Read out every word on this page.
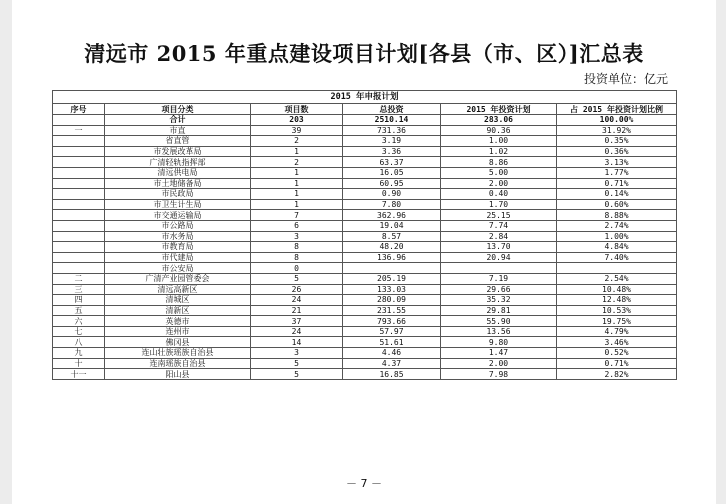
清远市 2015 年重点建设项目计划[各县（市、区）]汇总表
投资单位：亿元
2015 年申报计划					
序号	项目分类	项目数	总投资	2015 年投资计划	占 2015 年投资计划比例
	合计	203	2510.14	283.06	100.00%
一	市直	39	731.36	90.36	31.92%
	省直管	2	3.19	1.00	0.35%
	市发展改革局	1	3.36	1.02	0.36%
	广清轻轨指挥部	2	63.37	8.86	3.13%
	清远供电局	1	16.05	5.00	1.77%
	市土地储备局	1	60.95	2.00	0.71%
	市民政局	1	0.90	0.40	0.14%
	市卫生计生局	1	7.80	1.70	0.60%
	市交通运输局	7	362.96	25.15	8.88%
	市公路局	6	19.04	7.74	2.74%
	市水务局	3	8.57	2.84	1.00%
	市教育局	8	48.20	13.70	4.84%
	市代建局	8	136.96	20.94	7.40%
	市公安局	0			
二	广清产业园管委会	5	205.19	7.19	2.54%
三	清远高新区	26	133.03	29.66	10.48%
四	清城区	24	280.09	35.32	12.48%
五	清新区	21	231.55	29.81	10.53%
六	英德市	37	793.66	55.90	19.75%
七	连州市	24	57.97	13.56	4.79%
八	佛冈县	14	51.61	9.80	3.46%
九	连山壮族瑶族自治县	3	4.46	1.47	0.52%
十	连南瑶族自治县	5	4.37	2.00	0.71%
十一	阳山县	5	16.85	7.98	2.82%
－ 7 －
